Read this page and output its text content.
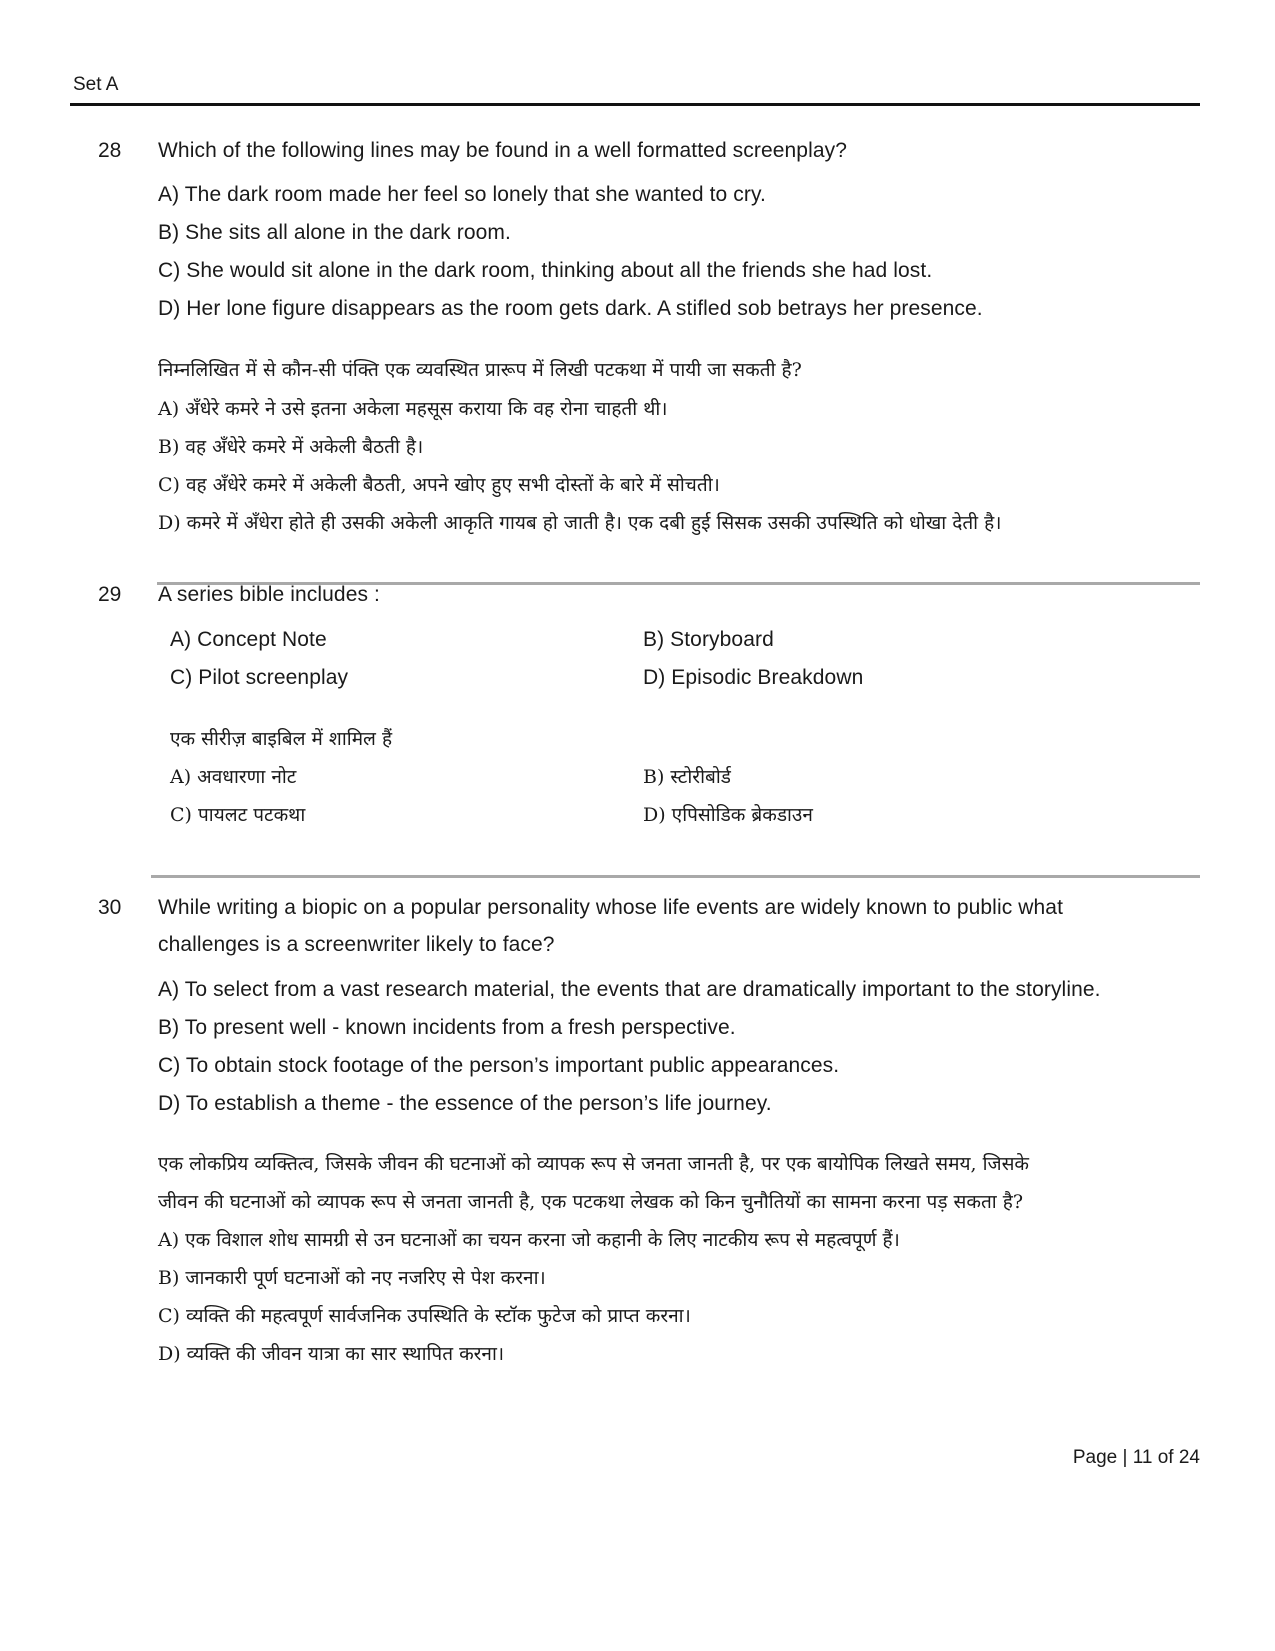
Set A
28 Which of the following lines may be found in a well formatted screenplay?
A) The dark room made her feel so lonely that she wanted to cry.
B) She sits all alone in the dark room.
C) She would sit alone in the dark room, thinking about all the friends she had lost.
D) Her lone figure disappears as the room gets dark. A stifled sob betrays her presence.
निम्नलिखित में से कौन-सी पंक्ति एक व्यवस्थित प्रारूप में लिखी पटकथा में पायी जा सकती है?
A) अँधेरे कमरे ने उसे इतना अकेला महसूस कराया कि वह रोना चाहती थी।
B) वह अँधेरे कमरे में अकेली बैठती है।
C) वह अँधेरे कमरे में अकेली बैठती, अपने खोए हुए सभी दोस्तों के बारे में सोचती।
D) कमरे में अँधेरा होते ही उसकी अकेली आकृति गायब हो जाती है। एक दबी हुई सिसक उसकी उपस्थिति को धोखा देती है।
29 A series bible includes :
A) Concept Note	B) Storyboard
C) Pilot screenplay	D) Episodic Breakdown
एक सीरीज़ बाइबिल में शामिल हैं
A) अवधारणा नोट	B) स्टोरीबोर्ड
C) पायलट पटकथा	D) एपिसोडिक ब्रेकडाउन
30 While writing a biopic on a popular personality whose life events are widely known to public what
challenges is a screenwriter likely to face?
A) To select from a vast research material, the events that are dramatically important to the storyline.
B) To present well - known incidents from a fresh perspective.
C) To obtain stock footage of the person’s important public appearances.
D) To establish a theme - the essence of the person’s life journey.
एक लोकप्रिय व्यक्तित्व, जिसके जीवन की घटनाओं को व्यापक रूप से जनता जानती है, पर एक बायोपिक लिखते समय, जिसके
जीवन की घटनाओं को व्यापक रूप से जनता जानती है, एक पटकथा लेखक को किन चुनौतियों का सामना करना पड़ सकता है?
A) एक विशाल शोध सामग्री से उन घटनाओं का चयन करना जो कहानी के लिए नाटकीय रूप से महत्वपूर्ण हैं।
B) जानकारी पूर्ण घटनाओं को नए नजरिए से पेश करना।
C) व्यक्ति की महत्वपूर्ण सार्वजनिक उपस्थिति के स्टॉक फुटेज को प्राप्त करना।
D) व्यक्ति की जीवन यात्रा का सार स्थापित करना।
Page | 11 of 24
